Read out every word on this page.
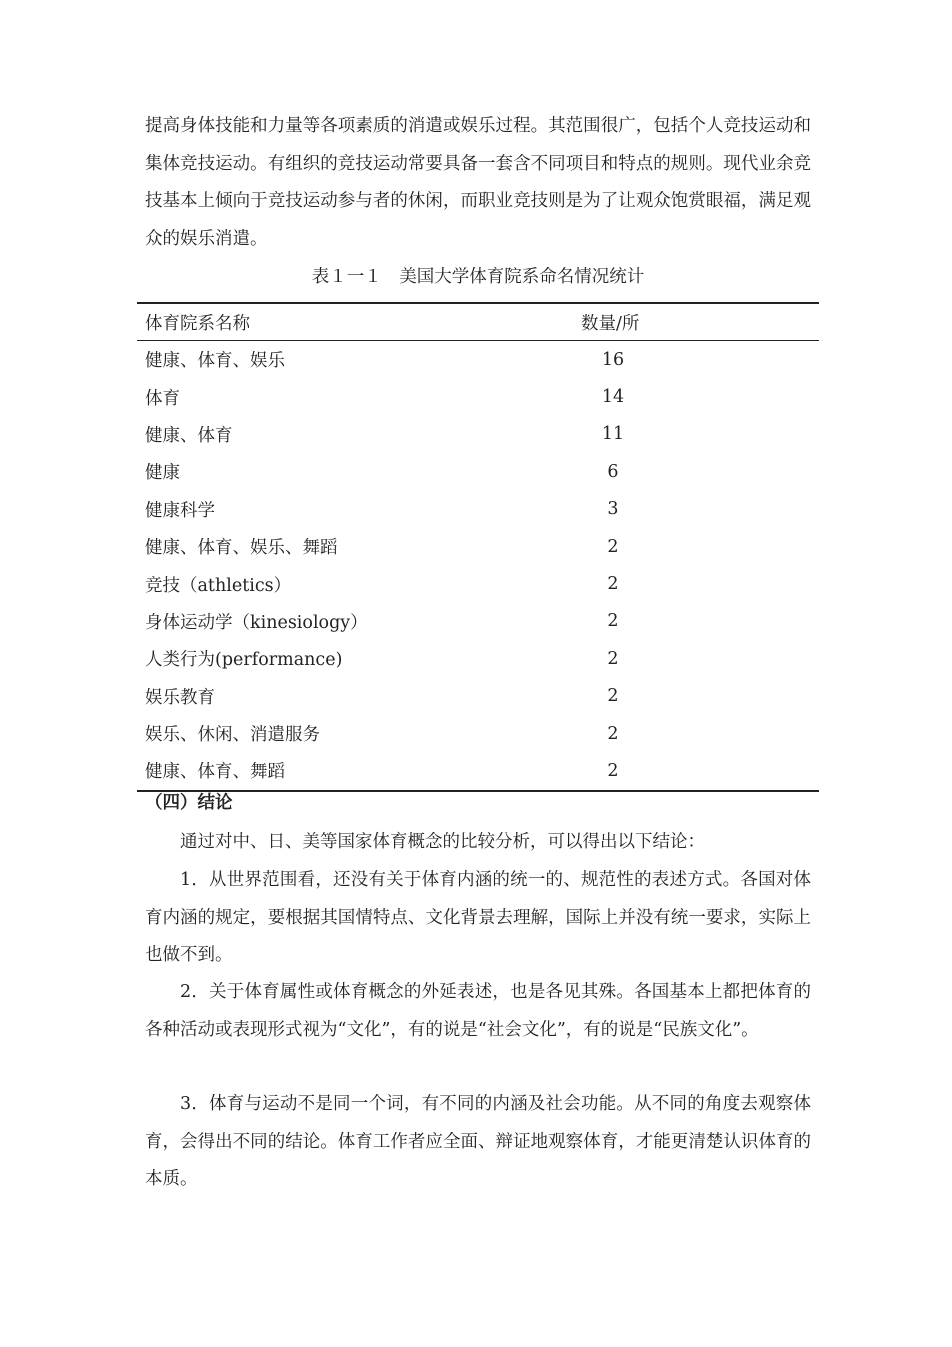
提高身体技能和力量等各项素质的消遣或娱乐过程。其范围很广，包括个人竞技运动和集体竞技运动。有组织的竞技运动常要具备一套含不同项目和特点的规则。现代业余竞技基本上倾向于竞技运动参与者的休闲，而职业竞技则是为了让观众饱赏眼福，满足观众的娱乐消遣。

表１一１　美国大学体育院系命名情况统计
体育院系名称	数量/所
健康、体育、娱乐	16
体育	14
健康、体育	11
健康	6
健康科学	3
健康、体育、娱乐、舞蹈	2
竞技（athletics）	2
身体运动学（kinesiology）	2
人类行为(performance)	2
娱乐教育	2
娱乐、休闲、消遣服务	2
健康、体育、舞蹈	2
（四）结论

通过对中、日、美等国家体育概念的比较分析，可以得出以下结论：

1．从世界范围看，还没有关于体育内涵的统一的、规范性的表述方式。各国对体育内涵的规定，要根据其国情特点、文化背景去理解，国际上并没有统一要求，实际上也做不到。

2．关于体育属性或体育概念的外延表述，也是各见其殊。各国基本上都把体育的各种活动或表现形式视为“文化”，有的说是“社会文化”，有的说是“民族文化”。

3．体育与运动不是同一个词，有不同的内涵及社会功能。从不同的角度去观察体育，会得出不同的结论。体育工作者应全面、辩证地观察体育，才能更清楚认识体育的本质。
